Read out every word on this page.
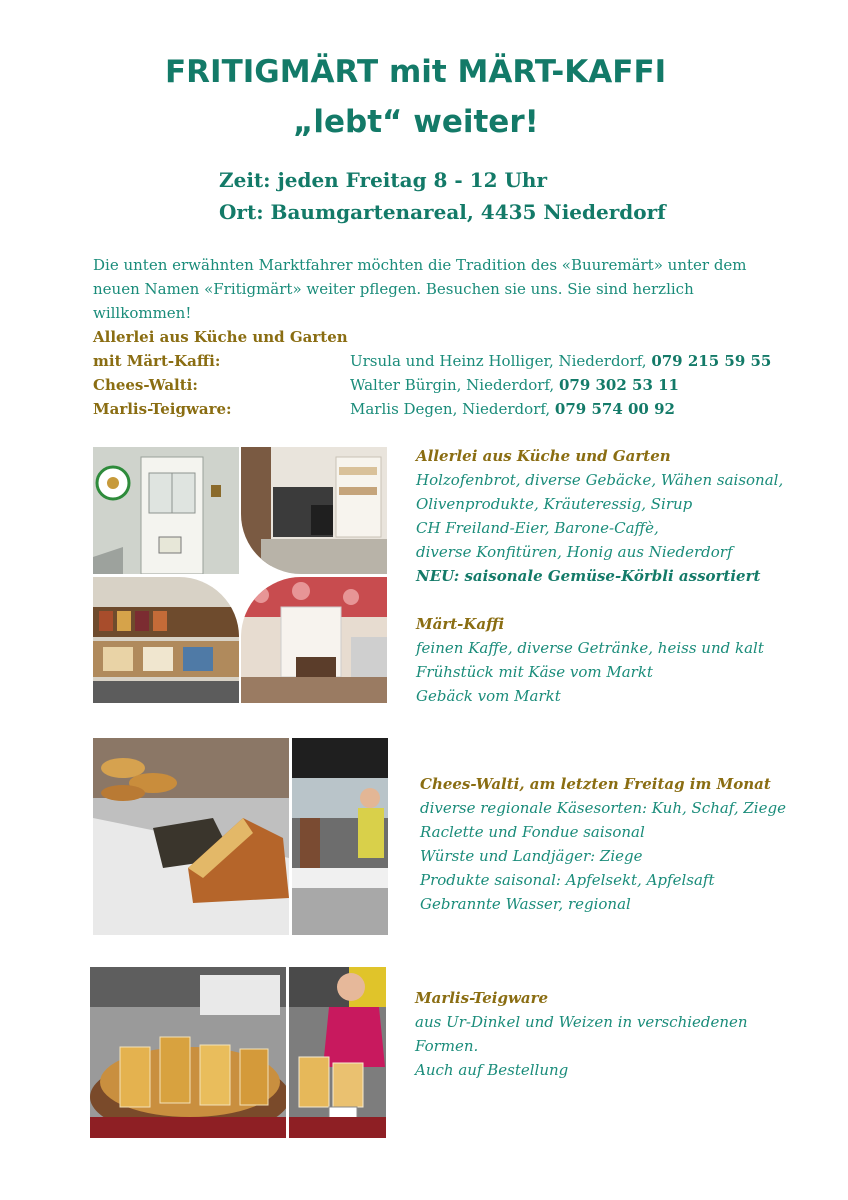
FRITIGMÄRT mit MÄRT-KAFFI
„lebt“ weiter!
Zeit: jeden Freitag 8 - 12 Uhr
Ort: Baumgartenareal, 4435 Niederdorf
Die unten erwähnten Marktfahrer möchten die Tradition des «Buuremärt» unter dem neuen Namen «Fritigmärt» weiter pflegen. Besuchen sie uns. Sie sind herzlich willkommen!
Allerlei aus Küche und Garten
mit Märt-Kaffi:	Ursula und Heinz Holliger, Niederdorf, 079 215 59 55
Chees-Walti:	Walter Bürgin, Niederdorf, 079 302 53 11
Marlis-Teigware:	Marlis Degen, Niederdorf, 079 574 00 92
Allerlei aus Küche und Garten
Holzofenbrot, diverse Gebäcke, Wähen saisonal,
Olivenprodukte, Kräuteressig, Sirup
CH Freiland-Eier, Barone-Caffè,
diverse Konfitüren, Honig aus Niederdorf
NEU: saisonale Gemüse-Körbli assortiert
Märt-Kaffi
feinen Kaffe, diverse Getränke, heiss und kalt
Frühstück mit Käse vom Markt
Gebäck vom Markt
Chees-Walti, am letzten Freitag im Monat
diverse regionale Käsesorten: Kuh, Schaf, Ziege
Raclette und Fondue saisonal
Würste und Landjäger: Ziege
Produkte saisonal: Apfelsekt, Apfelsaft
Gebrannte Wasser, regional
Marlis-Teigware
aus Ur-Dinkel und Weizen in verschiedenen
Formen.
Auch auf Bestellung
